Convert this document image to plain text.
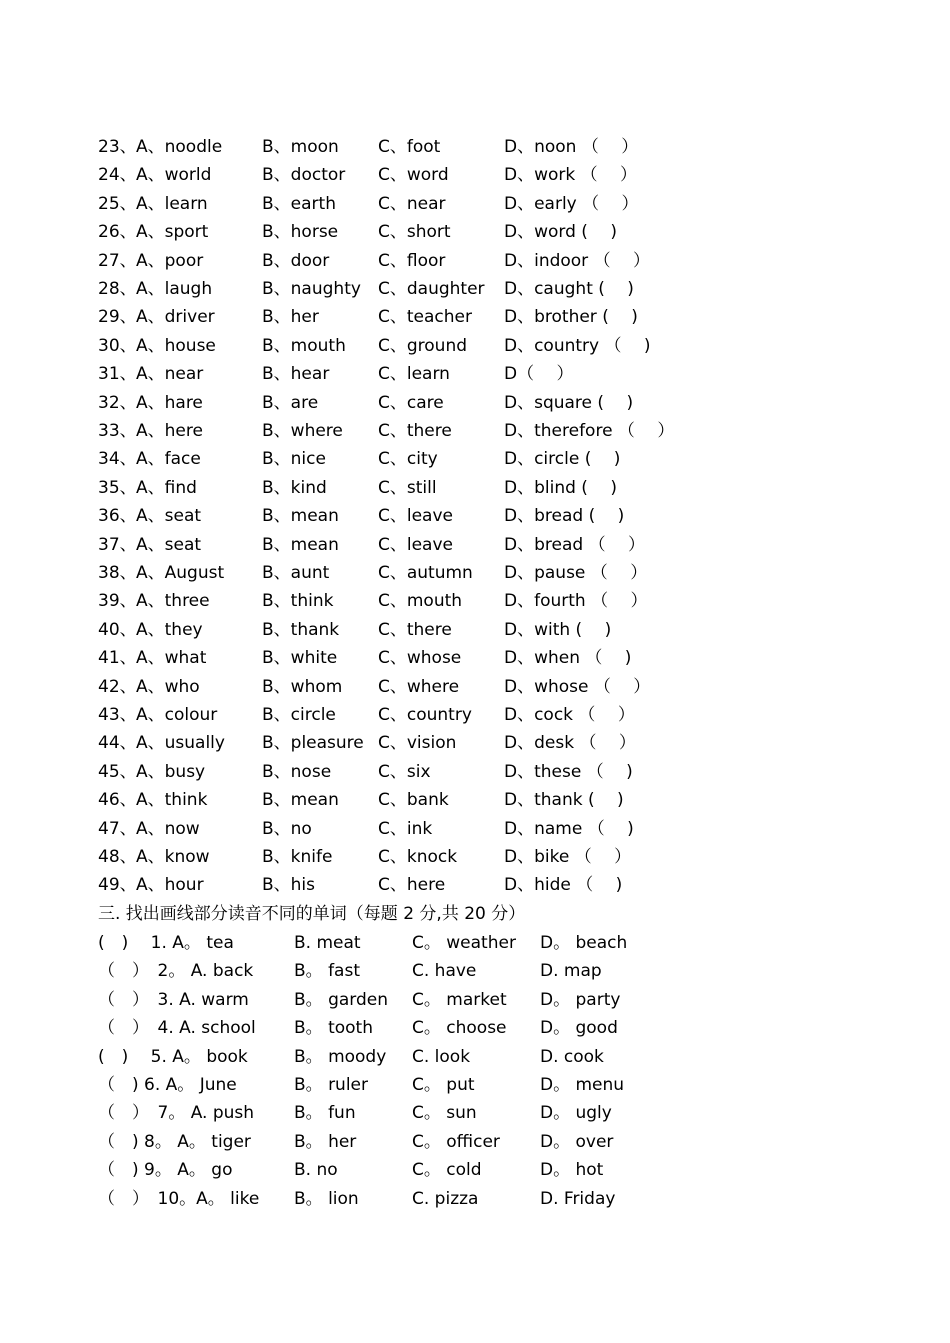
23、 A、noodle B、moon C、foot	D、noon （　 ）
24、 A、world	B、doctor C、word	D、work （　 ）
25、 A、learn	B、earth C、near	D、early （　 ）
26、 A、sport	B、horse C、short	D、word (　 )
27、 A、poor	B、door	C、floor	D、indoor （　 ）
28、 A、laugh	B、naughty C、daughter D、caught (　 )
29、 A、driver	B、her	C、teacher D、brother (　 )
30、 A、house	B、mouth C、ground D、country （　 )
31、 A、near	B、hear	C、learn	D（　 ）
32、 A、hare	B、are	C、care	D、square (　 )
33、 A、here	B、where C、there	D、therefore （　 ）
34、 A、face	B、nice	C、city	D、circle (　 )
35、 A、find	B、kind	C、still	D、blind (　 )
36、 A、seat	B、mean C、leave	D、bread (　 )
37、 A、seat	B、mean C、leave	D、bread （　 ）
38、 A、August B、aunt	C、autumn D、pause （　 ）
39、 A、three	B、think	C、mouth D、fourth （　 ）
40、 A、they	B、thank C、there	D、with (　 )
41、 A、what	B、white C、whose	D、when （　 )
42、 A、who	B、whom C、where	D、whose （　 ）
43、 A、colour	B、circle C、country D、cock （　 ）
44、 A、usually B、pleasure C、vision	D、desk （　 ）
45、 A、busy	B、nose	C、six	D、these （　 )
46、 A、think	B、mean C、bank	D、thank (　 )
47、 A、now	B、no	C、ink	D、name （　 )
48、 A、know	B、knife	C、knock	D、bike （　 ）
49、 A、hour	B、his	C、here	D、hide （　 )
三. 找出画线部分读音不同的单词（每题 2 分,共 20 分）
(　) 　1. A。 tea	B. meat	C。 weather D。 beach
（　）　2。 A. back B。 fast	C. have	D. map
（　）　3. A. warm	B。 garden C。 market D。 party
（　）　4. A. school B。 tooth C。 choose D。 good
(　) 　5. A。 book	B。 moody C. look	D. cook
（　) 6. A。 June	B。 ruler	C。 put	D。 menu
（　）　7。 A. push B。 fun	C。 sun	D。 ugly
（　) 8。 A。 tiger	B。 her	C。 officer D。 over
（　) 9。 A。 go	B. no	C。 cold	D。 hot
（　）　10。A。 like B。 lion	C. pizza	D. Friday
